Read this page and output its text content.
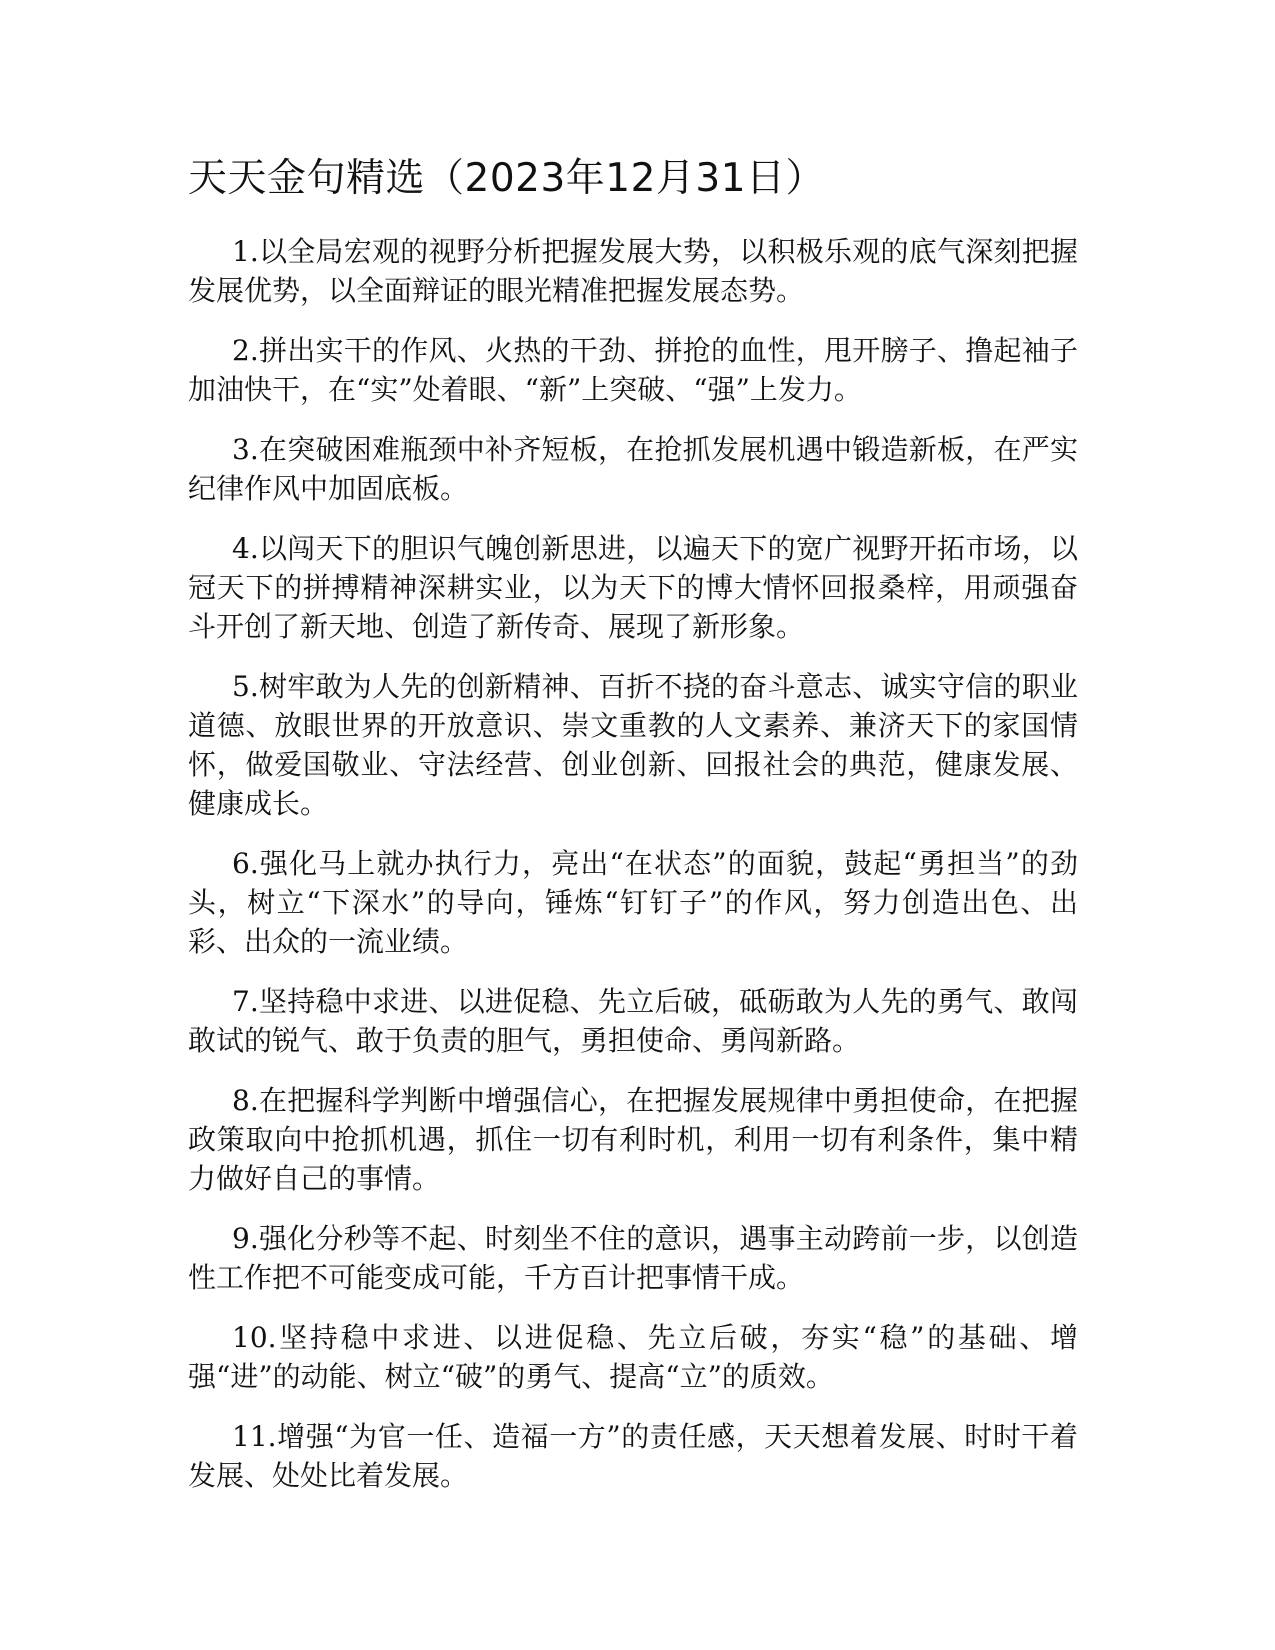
天天金句精选（2023年12月31日）

1.以全局宏观的视野分析把握发展大势，以积极乐观的底气深刻把握发展优势，以全面辩证的眼光精准把握发展态势。

2.拼出实干的作风、火热的干劲、拼抢的血性，甩开膀子、撸起袖子加油快干，在“实”处着眼、“新”上突破、“强”上发力。

3.在突破困难瓶颈中补齐短板，在抢抓发展机遇中锻造新板，在严实纪律作风中加固底板。

4.以闯天下的胆识气魄创新思进，以遍天下的宽广视野开拓市场，以冠天下的拼搏精神深耕实业，以为天下的博大情怀回报桑梓，用顽强奋斗开创了新天地、创造了新传奇、展现了新形象。

5.树牢敢为人先的创新精神、百折不挠的奋斗意志、诚实守信的职业道德、放眼世界的开放意识、崇文重教的人文素养、兼济天下的家国情怀，做爱国敬业、守法经营、创业创新、回报社会的典范，健康发展、健康成长。

6.强化马上就办执行力，亮出“在状态”的面貌，鼓起“勇担当”的劲头，树立“下深水”的导向，锤炼“钉钉子”的作风，努力创造出色、出彩、出众的一流业绩。

7.坚持稳中求进、以进促稳、先立后破，砥砺敢为人先的勇气、敢闯敢试的锐气、敢于负责的胆气，勇担使命、勇闯新路。

8.在把握科学判断中增强信心，在把握发展规律中勇担使命，在把握政策取向中抢抓机遇，抓住一切有利时机，利用一切有利条件，集中精力做好自己的事情。

9.强化分秒等不起、时刻坐不住的意识，遇事主动跨前一步，以创造性工作把不可能变成可能，千方百计把事情干成。

10.坚持稳中求进、以进促稳、先立后破，夯实“稳”的基础、增强“进”的动能、树立“破”的勇气、提高“立”的质效。

11.增强“为官一任、造福一方”的责任感，天天想着发展、时时干着发展、处处比着发展。
